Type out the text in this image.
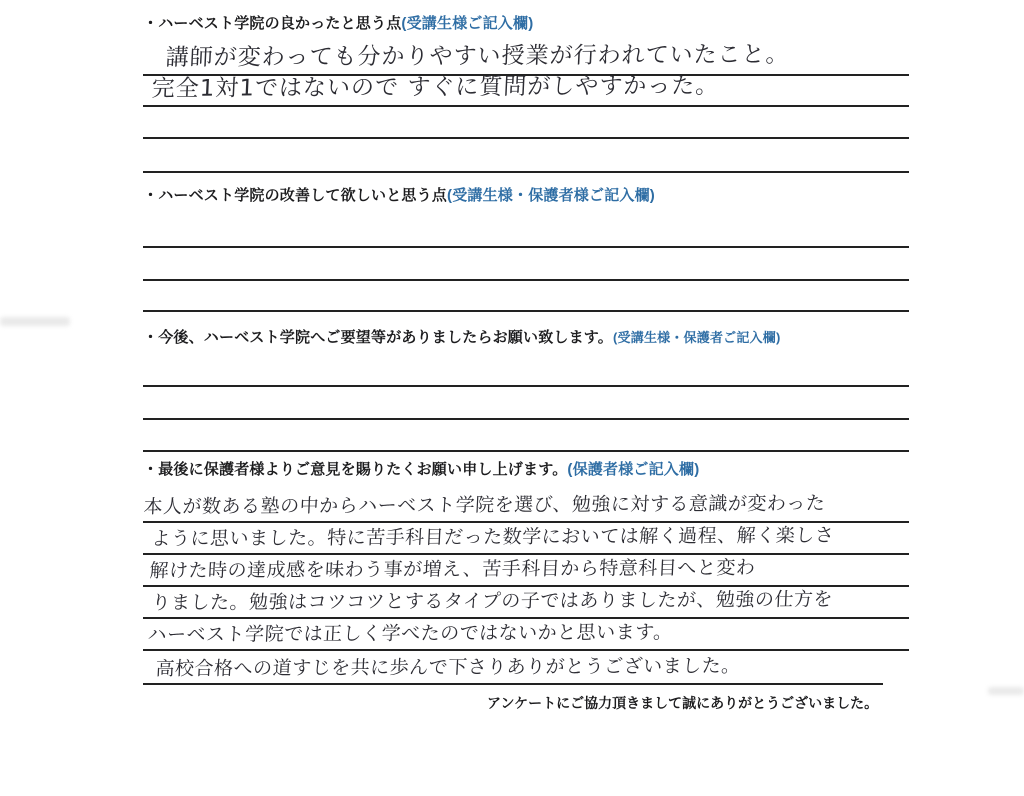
・ハーベスト学院の良かったと思う点(受講生様ご記入欄)
講師が変わっても分かりやすい授業が行われていたこと。
完全1対1ではないので すぐに質問がしやすかった。
・ハーベスト学院の改善して欲しいと思う点(受講生様・保護者様ご記入欄)
・今後、ハーベスト学院へご要望等がありましたらお願い致します。(受講生様・保護者ご記入欄)
・最後に保護者様よりご意見を賜りたくお願い申し上げます。(保護者様ご記入欄)
本人が数ある塾の中からハーベスト学院を選び、勉強に対する意識が変わった
ように思いました。特に苦手科目だった数学においては解く過程、解く楽しさ
解けた時の達成感を味わう事が増え、苦手科目から特意科目へと変わ
りました。勉強はコツコツとするタイプの子ではありましたが、勉強の仕方を
ハーベスト学院では正しく学べたのではないかと思います。
高校合格への道すじを共に歩んで下さりありがとうございました。
アンケートにご協力頂きまして誠にありがとうございました。
